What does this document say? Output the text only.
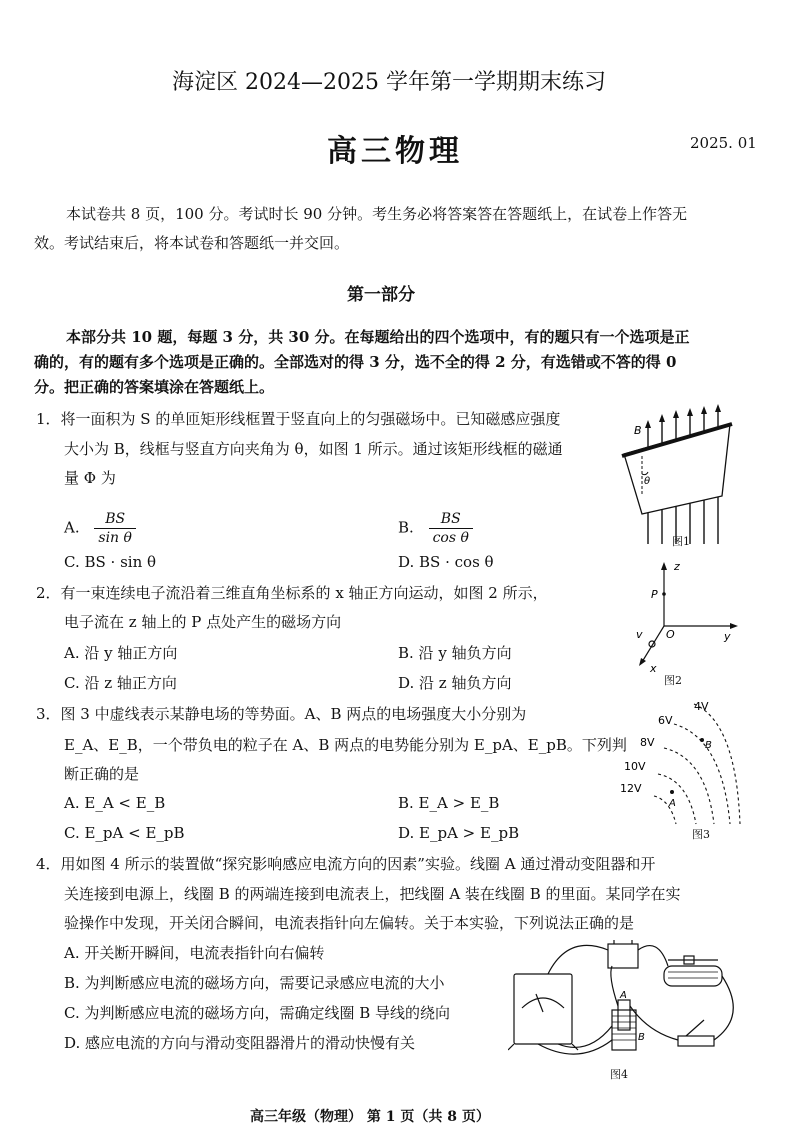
海淀区 2024—2025 学年第一学期期末练习
高三物理	2025. 01
本试卷共 8 页，100 分。考试时长 90 分钟。考生务必将答案答在答题纸上，在试卷上作答无
效。考试结束后，将本试卷和答题纸一并交回。
第一部分
本部分共 10 题，每题 3 分，共 30 分。在每题给出的四个选项中，有的题只有一个选项是正
确的，有的题有多个选项是正确的。全部选对的得 3 分，选不全的得 2 分，有选错或不答的得 0
分。把正确的答案填涂在答题纸上。
1．将一面积为 S 的单匝矩形线框置于竖直向上的匀强磁场中。已知磁感应强度
大小为 B，线框与竖直方向夹角为 θ，如图 1 所示。通过该矩形线框的磁通
量 Φ 为
A. $\frac{BS}{\text{sin θ}}$	B. $\frac{BS}{\text{cos θ}}$
C. BS · sin θ	D. BS · cos θ
B
θ
图1
2．有一束连续电子流沿着三维直角坐标系的 x 轴正方向运动，如图 2 所示，
电子流在 z 轴上的 P 点处产生的磁场方向
A. 沿 y 轴正方向	B. 沿 y 轴负方向
C. 沿 z 轴正方向	D. 沿 z 轴负方向
z
P
O	y
x
v
图2
3．图 3 中虚线表示某静电场的等势面。A、B 两点的电场强度大小分别为
E_A、E_B，一个带负电的粒子在 A、B 两点的电势能分别为 E_pA、E_pB。下列判
断正确的是
A. E_A < E_B	B. E_A > E_B
C. E_pA < E_pB	D. E_pA > E_pB
4V
6V
8V
10V
12V
A
B
图3
4．用如图 4 所示的装置做“探究影响感应电流方向的因素”实验。线圈 A 通过滑动变阻器和开
关连接到电源上，线圈 B 的两端连接到电流表上，把线圈 A 装在线圈 B 的里面。某同学在实
验操作中发现，开关闭合瞬间，电流表指针向左偏转。关于本实验，下列说法正确的是
A. 开关断开瞬间，电流表指针向右偏转
B. 为判断感应电流的磁场方向，需要记录感应电流的大小
C. 为判断感应电流的磁场方向，需确定线圈 B 导线的绕向
D. 感应电流的方向与滑动变阻器滑片的滑动快慢有关
A
B
图4
高三年级（物理） 第 1 页（共 8 页）
